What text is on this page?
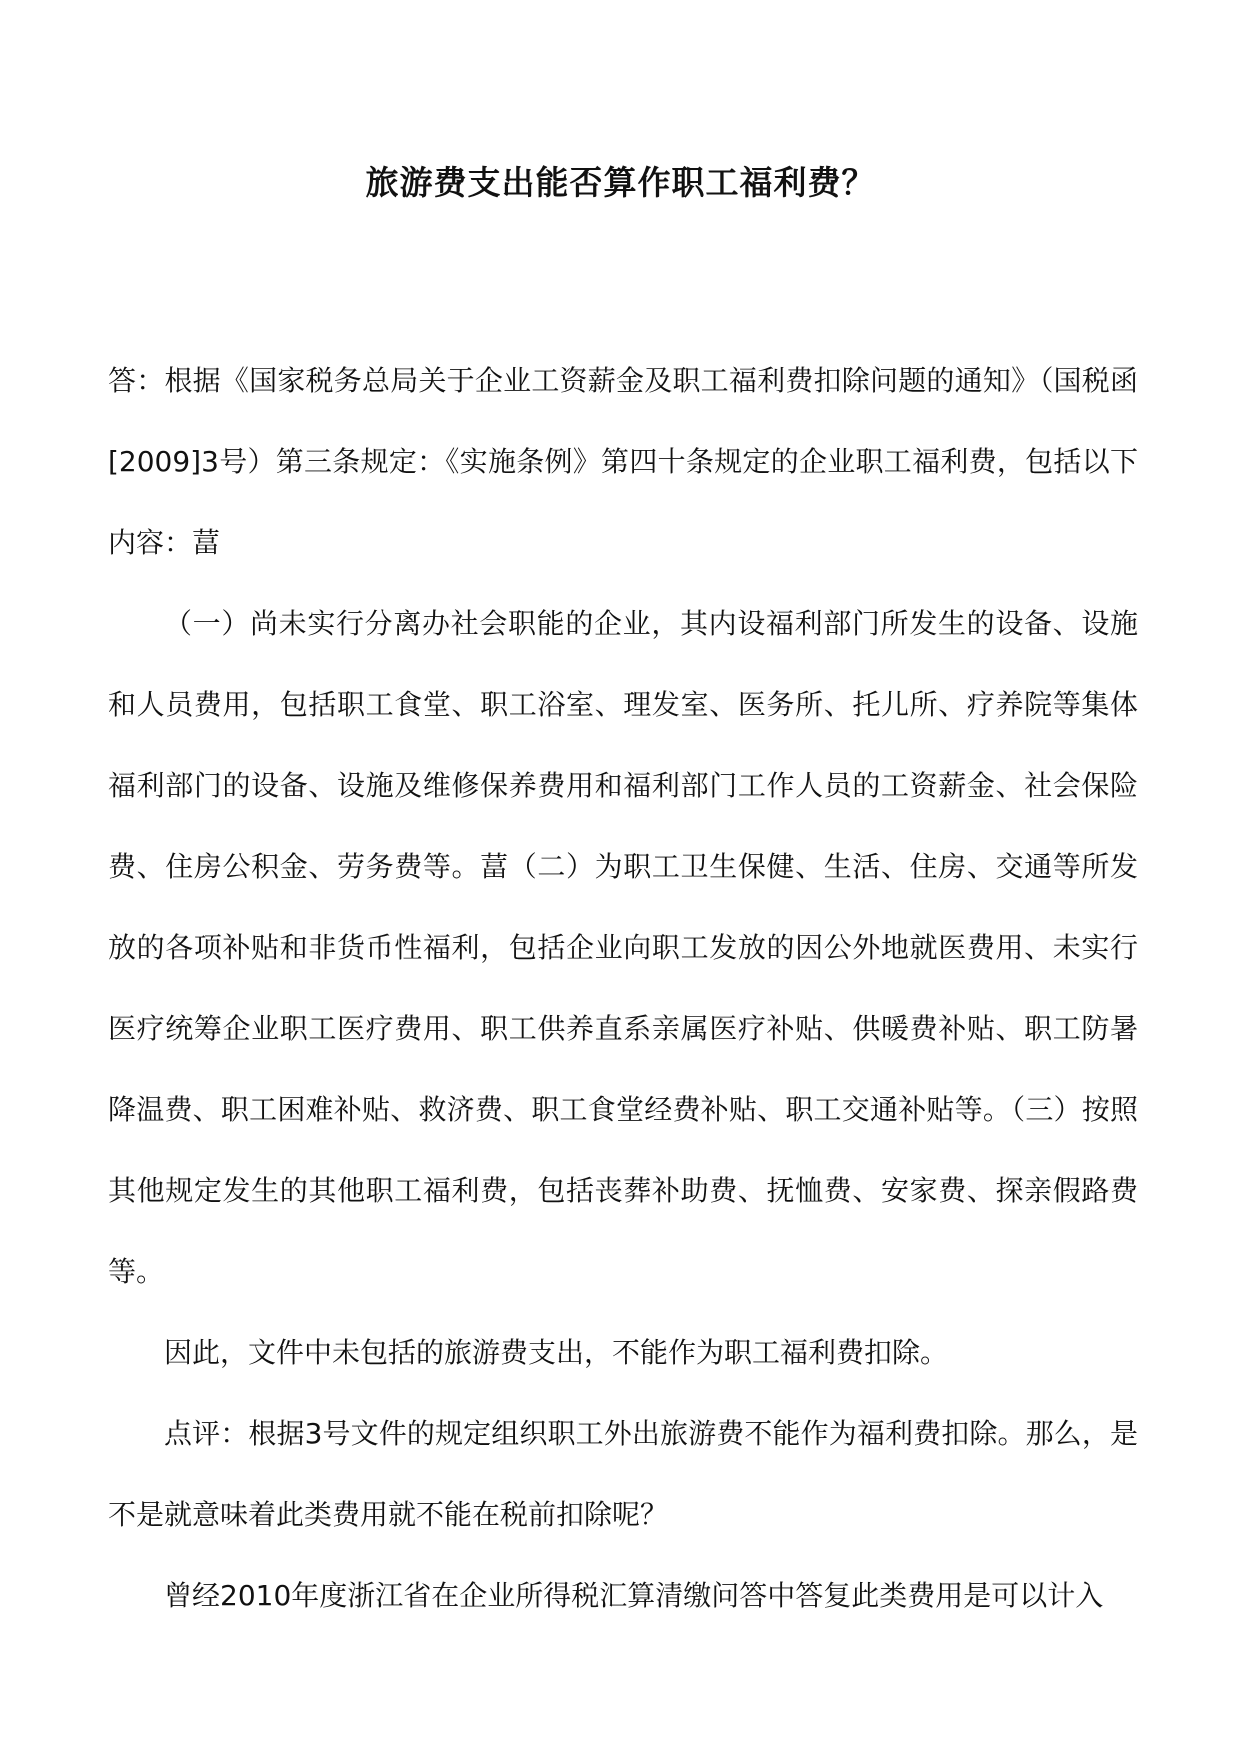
旅游费支出能否算作职工福利费？

答：根据《国家税务总局关于企业工资薪金及职工福利费扣除问题的通知》（国税函[2009]3号）第三条规定：《实施条例》第四十条规定的企业职工福利费，包括以下内容：葍

（一）尚未实行分离办社会职能的企业，其内设福利部门所发生的设备、设施和人员费用，包括职工食堂、职工浴室、理发室、医务所、托儿所、疗养院等集体福利部门的设备、设施及维修保养费用和福利部门工作人员的工资薪金、社会保险费、住房公积金、劳务费等。葍（二）为职工卫生保健、生活、住房、交通等所发放的各项补贴和非货币性福利，包括企业向职工发放的因公外地就医费用、未实行医疗统筹企业职工医疗费用、职工供养直系亲属医疗补贴、供暖费补贴、职工防暑降温费、职工困难补贴、救济费、职工食堂经费补贴、职工交通补贴等。（三）按照其他规定发生的其他职工福利费，包括丧葬补助费、抚恤费、安家费、探亲假路费等。

因此，文件中未包括的旅游费支出，不能作为职工福利费扣除。

点评：根据3号文件的规定组织职工外出旅游费不能作为福利费扣除。那么，是不是就意味着此类费用就不能在税前扣除呢？

曾经2010年度浙江省在企业所得税汇算清缴问答中答复此类费用是可以计入
